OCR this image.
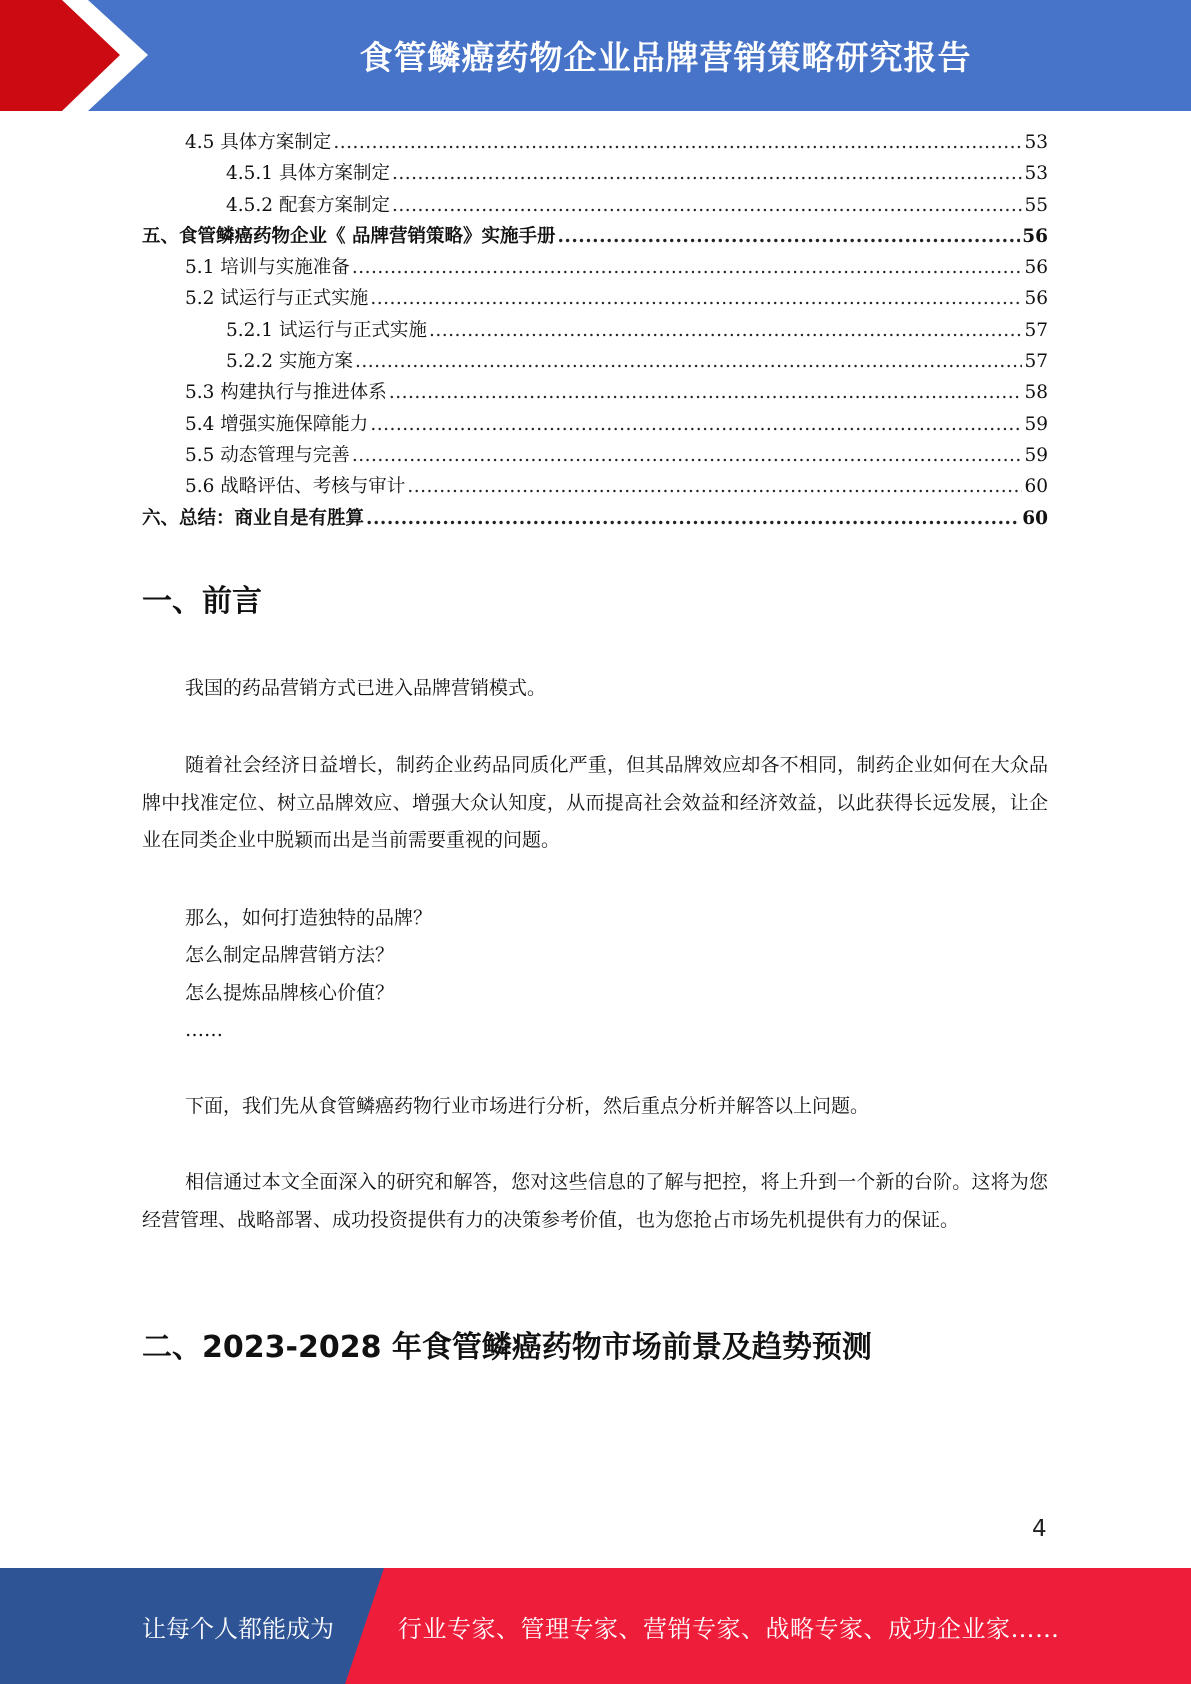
食管鳞癌药物企业品牌营销策略研究报告
4.5 具体方案制定 .....	53
4.5.1 具体方案制定 .....	53
4.5.2 配套方案制定 .....	55
五、食管鳞癌药物企业《 品牌营销策略》实施手册 .....	56
5.1 培训与实施准备 .....	56
5.2 试运行与正式实施 .....	56
5.2.1 试运行与正式实施 .....	57
5.2.2 实施方案 .....	57
5.3 构建执行与推进体系 .....	58
5.4 增强实施保障能力 .....	59
5.5 动态管理与完善 .....	59
5.6 战略评估、考核与审计 .....	60
六、总结：商业自是有胜算 .....	60
一、前言
我国的药品营销方式已进入品牌营销模式。
随着社会经济日益增长，制药企业药品同质化严重，但其品牌效应却各不相同，制药企业如何在大众品牌中找准定位、树立品牌效应、增强大众认知度，从而提高社会效益和经济效益，以此获得长远发展，让企业在同类企业中脱颖而出是当前需要重视的问题。
那么，如何打造独特的品牌？
怎么制定品牌营销方法？
怎么提炼品牌核心价值？
……
下面，我们先从食管鳞癌药物行业市场进行分析，然后重点分析并解答以上问题。
相信通过本文全面深入的研究和解答，您对这些信息的了解与把控，将上升到一个新的台阶。这将为您经营管理、战略部署、成功投资提供有力的决策参考价值，也为您抢占市场先机提供有力的保证。
二、2023-2028 年食管鳞癌药物市场前景及趋势预测
4
让每个人都能成为	行业专家、管理专家、营销专家、战略专家、成功企业家……
